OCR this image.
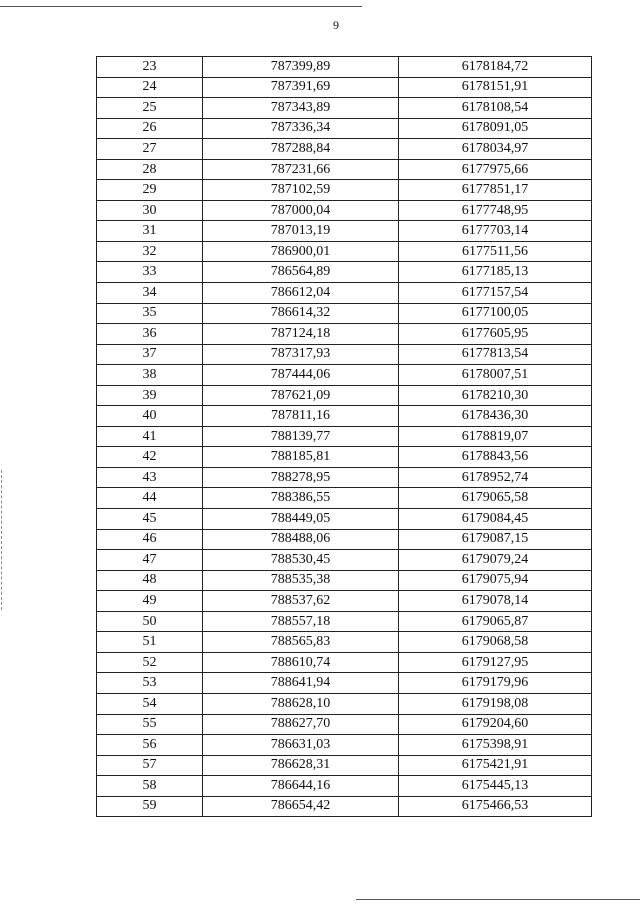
9
23	787399,89	6178184,72
24	787391,69	6178151,91
25	787343,89	6178108,54
26	787336,34	6178091,05
27	787288,84	6178034,97
28	787231,66	6177975,66
29	787102,59	6177851,17
30	787000,04	6177748,95
31	787013,19	6177703,14
32	786900,01	6177511,56
33	786564,89	6177185,13
34	786612,04	6177157,54
35	786614,32	6177100,05
36	787124,18	6177605,95
37	787317,93	6177813,54
38	787444,06	6178007,51
39	787621,09	6178210,30
40	787811,16	6178436,30
41	788139,77	6178819,07
42	788185,81	6178843,56
43	788278,95	6178952,74
44	788386,55	6179065,58
45	788449,05	6179084,45
46	788488,06	6179087,15
47	788530,45	6179079,24
48	788535,38	6179075,94
49	788537,62	6179078,14
50	788557,18	6179065,87
51	788565,83	6179068,58
52	788610,74	6179127,95
53	788641,94	6179179,96
54	788628,10	6179198,08
55	788627,70	6179204,60
56	786631,03	6175398,91
57	786628,31	6175421,91
58	786644,16	6175445,13
59	786654,42	6175466,53
